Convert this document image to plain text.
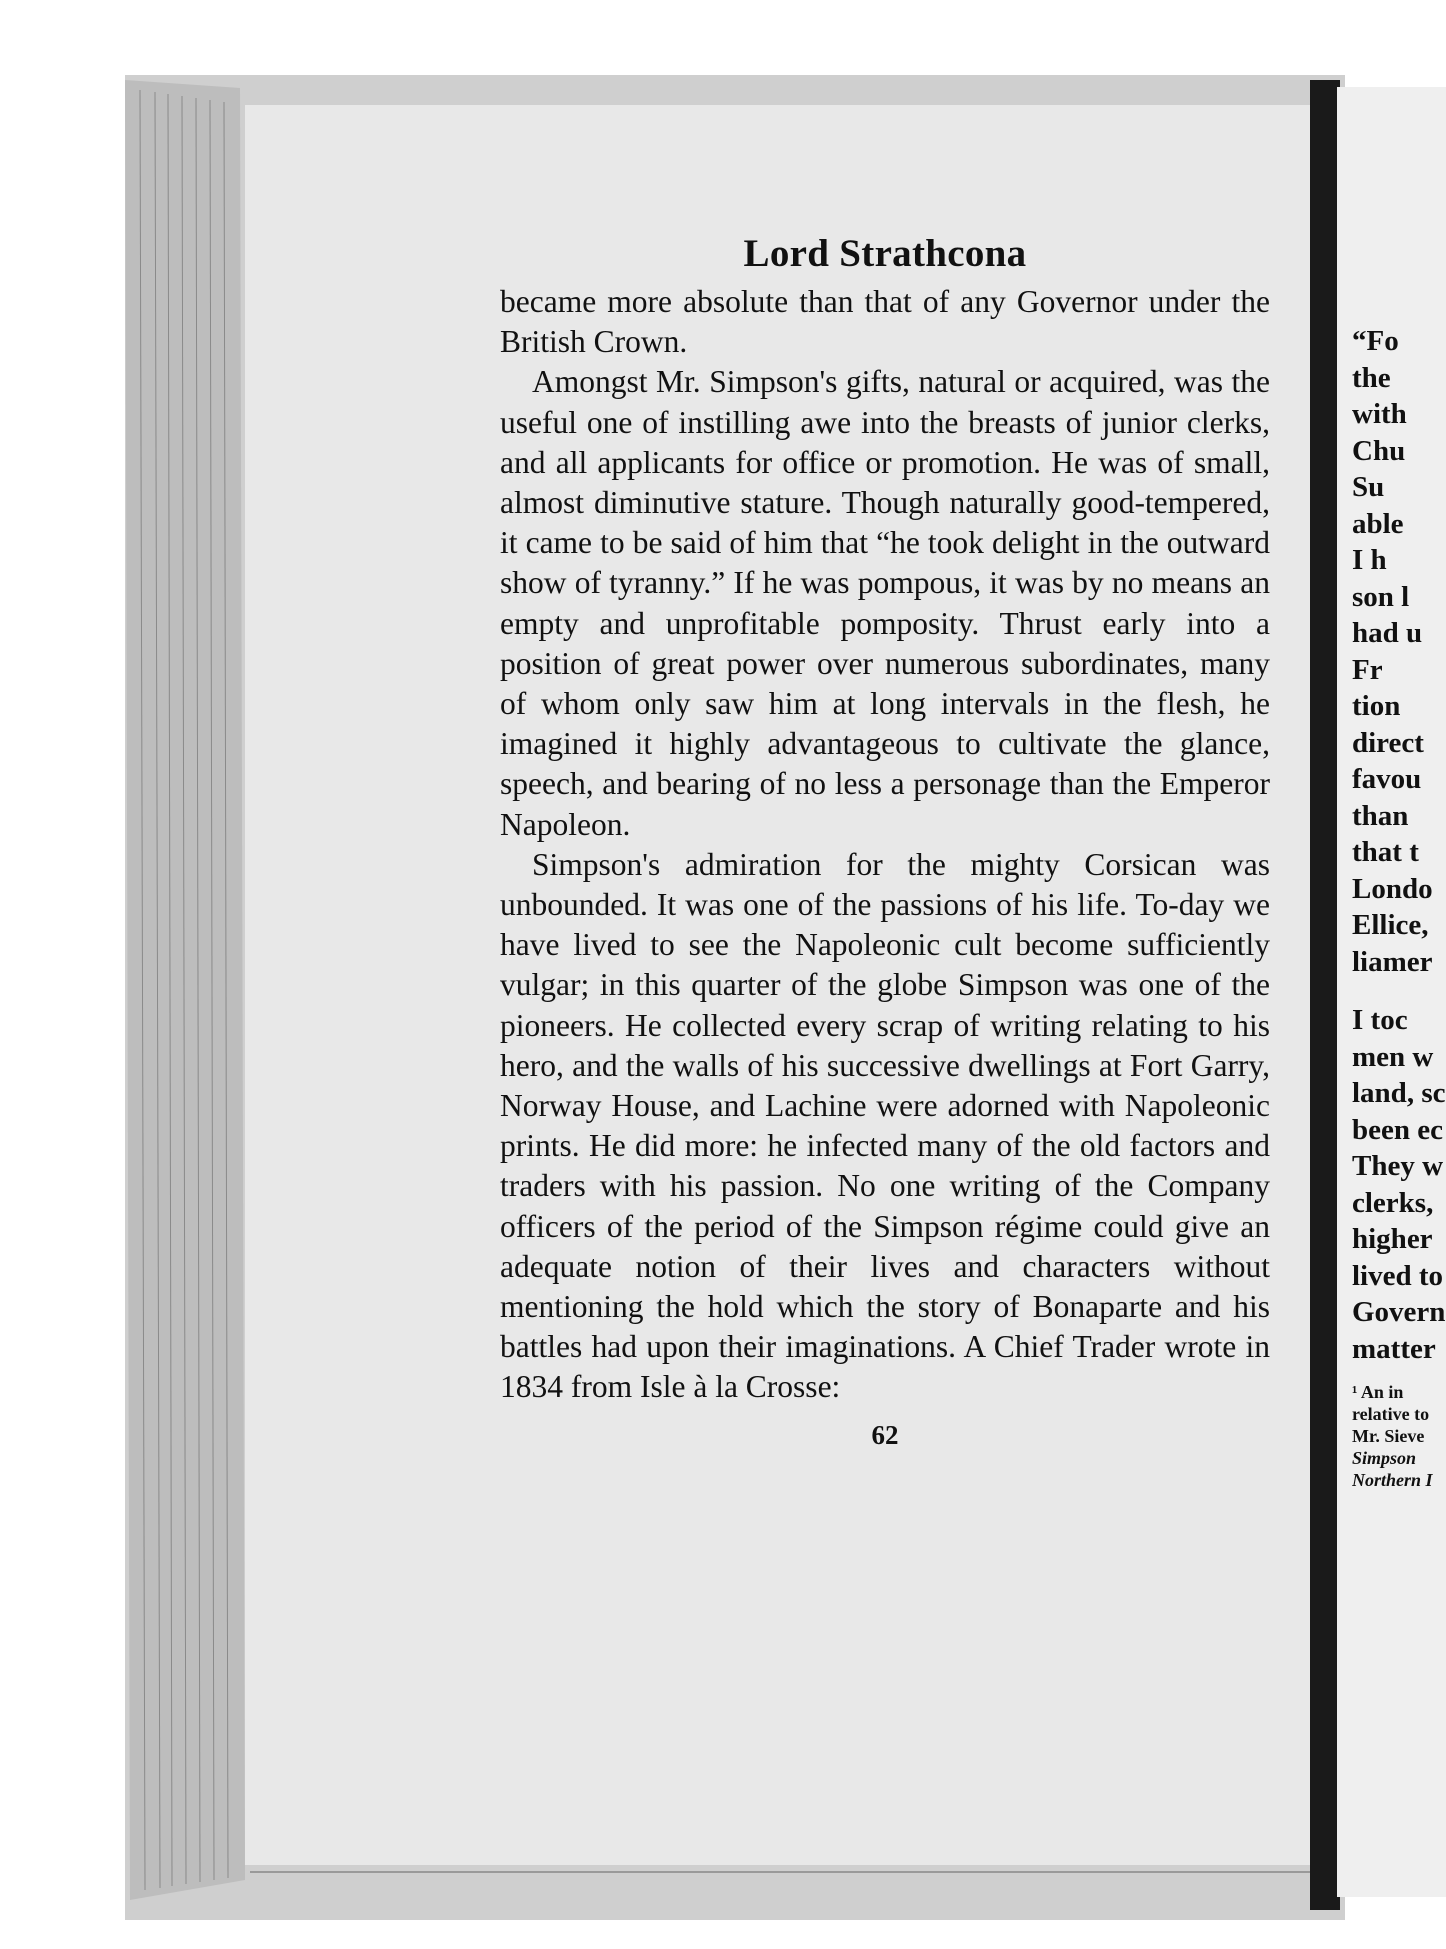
Lord Strathcona

became more absolute than that of any Governor under the British Crown.

Amongst Mr. Simpson's gifts, natural or acquired, was the useful one of instilling awe into the breasts of junior clerks, and all applicants for office or promotion. He was of small, almost diminutive stature. Though naturally good-tempered, it came to be said of him that “he took delight in the outward show of tyranny.” If he was pompous, it was by no means an empty and unprofitable pomposity. Thrust early into a position of great power over numerous subordinates, many of whom only saw him at long intervals in the flesh, he imagined it highly advantageous to cultivate the glance, speech, and bearing of no less a personage than the Emperor Napoleon.

Simpson's admiration for the mighty Corsican was unbounded. It was one of the passions of his life. To-day we have lived to see the Napoleonic cult become sufficiently vulgar; in this quarter of the globe Simpson was one of the pioneers. He collected every scrap of writing relating to his hero, and the walls of his successive dwellings at Fort Garry, Norway House, and Lachine were adorned with Napoleonic prints. He did more: he infected many of the old factors and traders with his passion. No one writing of the Company officers of the period of the Simpson régime could give an adequate notion of their lives and characters without mentioning the hold which the story of Bonaparte and his battles had upon their imaginations. A Chief Trader wrote in 1834 from Isle à la Crosse:

62
“Fo
the
with
Chu
Su
able
I h
son l
had u
Fr
tion
direct
favou
than
that t
Londo
Ellice,
liamer
I toc
men w
land, sc
been ec
They w
clerks,
higher
lived to
Govern
matter
¹ An in
relative to
Mr. Sieve
Simpson
Northern I
